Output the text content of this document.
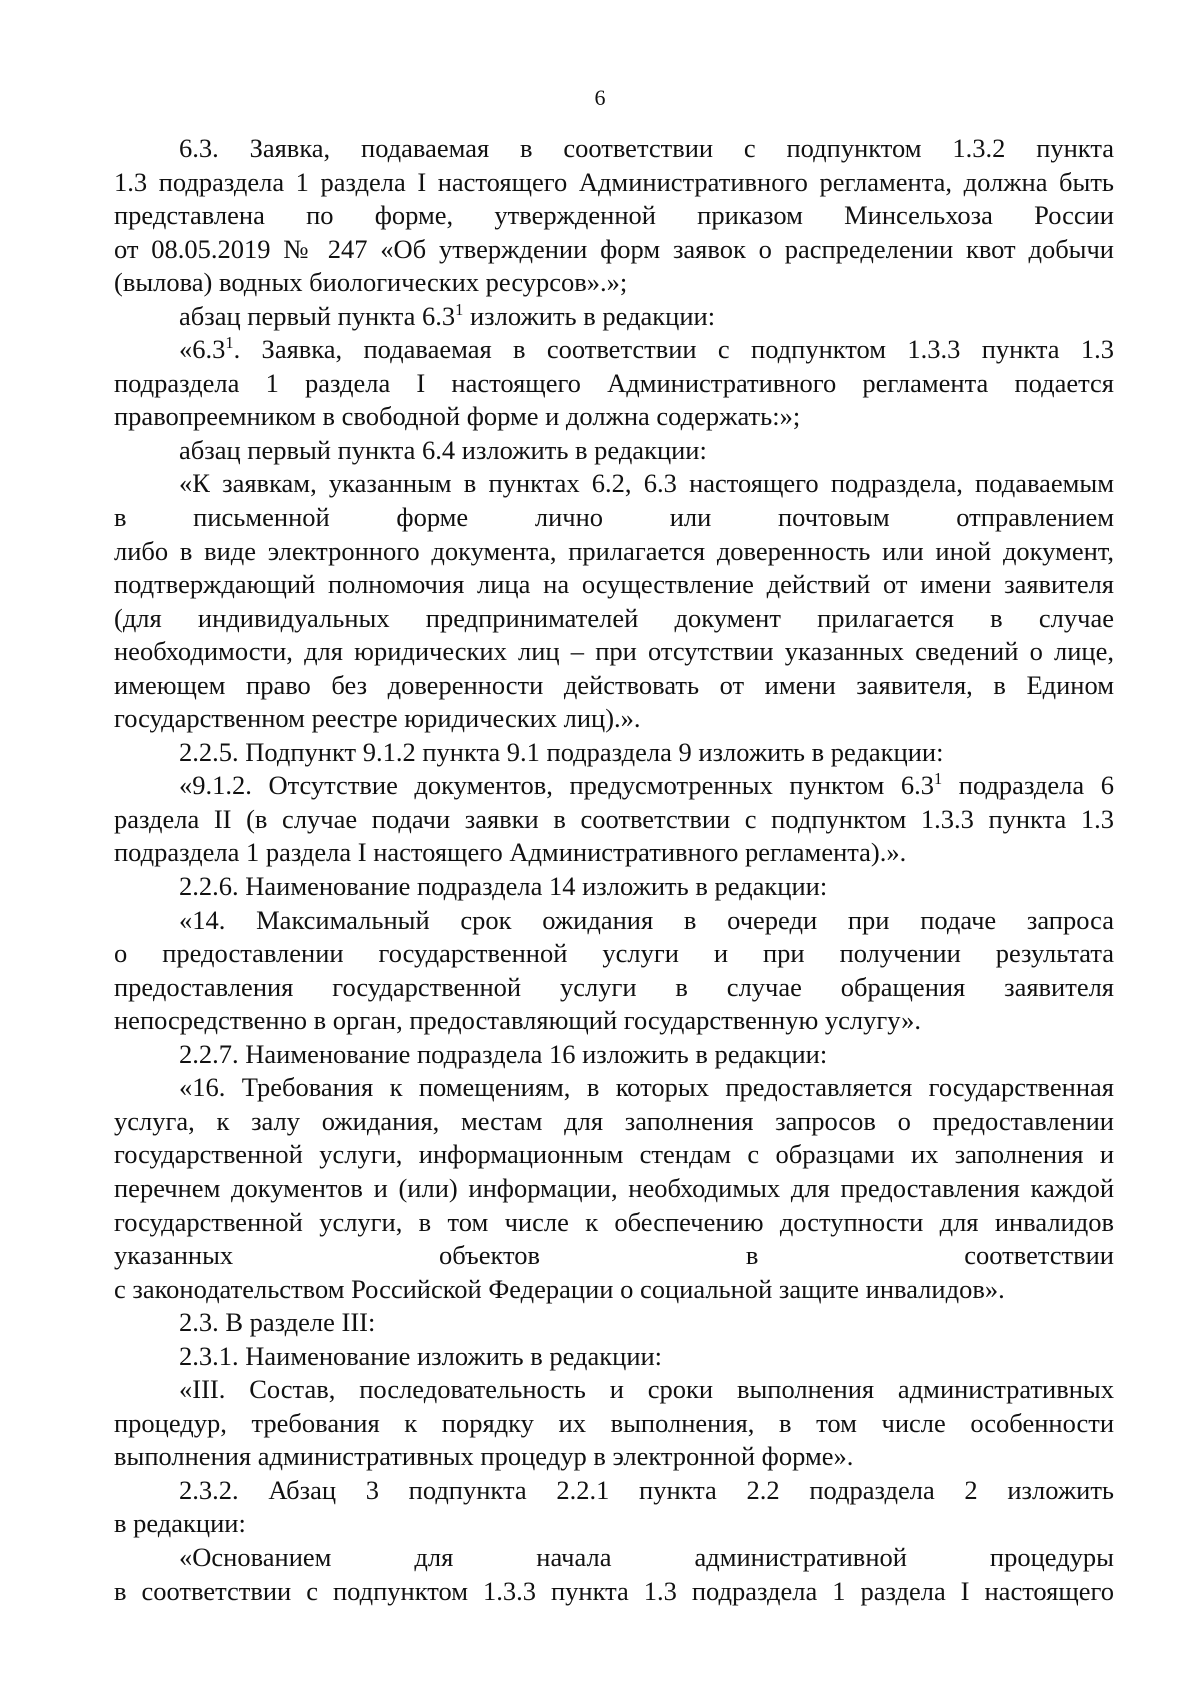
6

6.3. Заявка, подаваемая в соответствии с подпунктом 1.3.2 пункта
1.3 подраздела 1 раздела I настоящего Административного регламента, должна быть
представлена по форме, утвержденной приказом Минсельхоза России
от 08.05.2019 № 247 «Об утверждении форм заявок о распределении квот добычи
(вылова) водных биологических ресурсов».»;

абзац первый пункта $6.3^1$ изложить в редакции:

«$6.3^1$. Заявка, подаваемая в соответствии с подпунктом 1.3.3 пункта 1.3
подраздела 1 раздела I настоящего Административного регламента подается
правопреемником в свободной форме и должна содержать:»;

абзац первый пункта 6.4 изложить в редакции:

«К заявкам, указанным в пунктах 6.2, 6.3 настоящего подраздела, подаваемым
в письменной форме лично или почтовым отправлением
либо в виде электронного документа, прилагается доверенность или иной документ,
подтверждающий полномочия лица на осуществление действий от имени заявителя
(для индивидуальных предпринимателей документ прилагается в случае
необходимости, для юридических лиц – при отсутствии указанных сведений о лице,
имеющем право без доверенности действовать от имени заявителя, в Едином
государственном реестре юридических лиц).».

2.2.5. Подпункт 9.1.2 пункта 9.1 подраздела 9 изложить в редакции:

«9.1.2. Отсутствие документов, предусмотренных пунктом $6.3^1$ подраздела 6
раздела II (в случае подачи заявки в соответствии с подпунктом 1.3.3 пункта 1.3
подраздела 1 раздела I настоящего Административного регламента).».

2.2.6. Наименование подраздела 14 изложить в редакции:

«14. Максимальный срок ожидания в очереди при подаче запроса
о предоставлении государственной услуги и при получении результата
предоставления государственной услуги в случае обращения заявителя
непосредственно в орган, предоставляющий государственную услугу».

2.2.7. Наименование подраздела 16 изложить в редакции:

«16. Требования к помещениям, в которых предоставляется государственная
услуга, к залу ожидания, местам для заполнения запросов о предоставлении
государственной услуги, информационным стендам с образцами их заполнения и
перечнем документов и (или) информации, необходимых для предоставления каждой
государственной услуги, в том числе к обеспечению доступности для инвалидов
указанных объектов в соответствии
с законодательством Российской Федерации о социальной защите инвалидов».

2.3. В разделе III:

2.3.1. Наименование изложить в редакции:

«III. Состав, последовательность и сроки выполнения административных
процедур, требования к порядку их выполнения, в том числе особенности
выполнения административных процедур в электронной форме».

2.3.2. Абзац 3 подпункта 2.2.1 пункта 2.2 подраздела 2 изложить
в редакции:

«Основанием для начала административной процедуры
в соответствии с подпунктом 1.3.3 пункта 1.3 подраздела 1 раздела I настоящего
